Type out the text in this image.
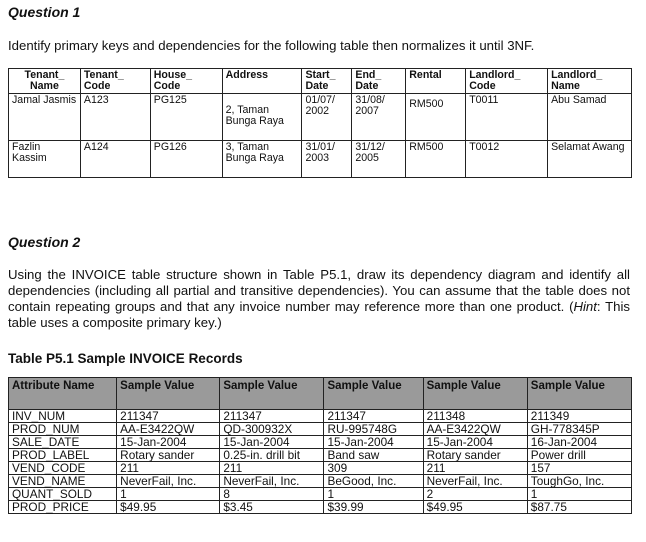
Question 1
Identify primary keys and dependencies for the following table then normalizes it until 3NF.
Tenant_ Name	Tenant_ Code	House_ Code	Address	Start_ Date	End_ Date	Rental	Landlord_ Code	Landlord_ Name
Jamal Jasmis	A123	PG125	2, Taman Bunga Raya	01/07/ 2002	31/08/ 2007	RM500	T0011	Abu Samad
Fazlin Kassim	A124	PG126	3, Taman Bunga Raya	31/01/ 2003	31/12/ 2005	RM500	T0012	Selamat Awang
Question 2
Using the INVOICE table structure shown in Table P5.1, draw its dependency diagram and identify all dependencies (including all partial and transitive dependencies). You can assume that the table does not contain repeating groups and that any invoice number may reference more than one product. (Hint: This table uses a composite primary key.)
Table P5.1 Sample INVOICE Records
Attribute Name	Sample Value	Sample Value	Sample Value	Sample Value	Sample Value
INV_NUM	211347	211347	211347	211348	211349
PROD_NUM	AA-E3422QW	QD-300932X	RU-995748G	AA-E3422QW	GH-778345P
SALE_DATE	15-Jan-2004	15-Jan-2004	15-Jan-2004	15-Jan-2004	16-Jan-2004
PROD_LABEL	Rotary sander	0.25-in. drill bit	Band saw	Rotary sander	Power drill
VEND_CODE	211	211	309	211	157
VEND_NAME	NeverFail, Inc.	NeverFail, Inc.	BeGood, Inc.	NeverFail, Inc.	ToughGo, Inc.
QUANT_SOLD	1	8	1	2	1
PROD_PRICE	$49.95	$3.45	$39.99	$49.95	$87.75
